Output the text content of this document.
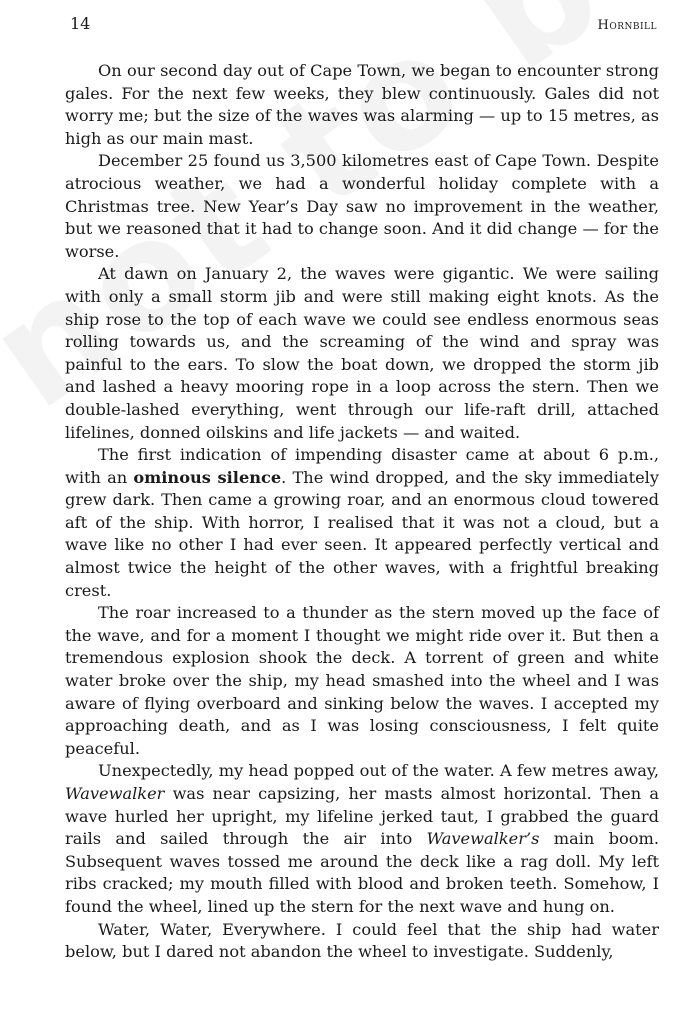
14	Hornbill

On our second day out of Cape Town, we began to encounter strong gales. For the next few weeks, they blew continuously. Gales did not worry me; but the size of the waves was alarming — up to 15 metres, as high as our main mast.

December 25 found us 3,500 kilometres east of Cape Town. Despite atrocious weather, we had a wonderful holiday complete with a Christmas tree. New Year’s Day saw no improvement in the weather, but we reasoned that it had to change soon. And it did change — for the worse.

At dawn on January 2, the waves were gigantic. We were sailing with only a small storm jib and were still making eight knots. As the ship rose to the top of each wave we could see endless enormous seas rolling towards us, and the screaming of the wind and spray was painful to the ears. To slow the boat down, we dropped the storm jib and lashed a heavy mooring rope in a loop across the stern. Then we double-lashed everything, went through our life-raft drill, attached lifelines, donned oilskins and life jackets — and waited.

The first indication of impending disaster came at about 6 p.m., with an ominous silence. The wind dropped, and the sky immediately grew dark. Then came a growing roar, and an enormous cloud towered aft of the ship. With horror, I realised that it was not a cloud, but a wave like no other I had ever seen. It appeared perfectly vertical and almost twice the height of the other waves, with a frightful breaking crest.

The roar increased to a thunder as the stern moved up the face of the wave, and for a moment I thought we might ride over it. But then a tremendous explosion shook the deck. A torrent of green and white water broke over the ship, my head smashed into the wheel and I was aware of flying overboard and sinking below the waves. I accepted my approaching death, and as I was losing consciousness, I felt quite peaceful.

Unexpectedly, my head popped out of the water. A few metres away, Wavewalker was near capsizing, her masts almost horizontal. Then a wave hurled her upright, my lifeline jerked taut, I grabbed the guard rails and sailed through the air into Wavewalker’s main boom. Subsequent waves tossed me around the deck like a rag doll. My left ribs cracked; my mouth filled with blood and broken teeth. Somehow, I found the wheel, lined up the stern for the next wave and hung on.

Water, Water, Everywhere. I could feel that the ship had water below, but I dared not abandon the wheel to investigate. Suddenly,
